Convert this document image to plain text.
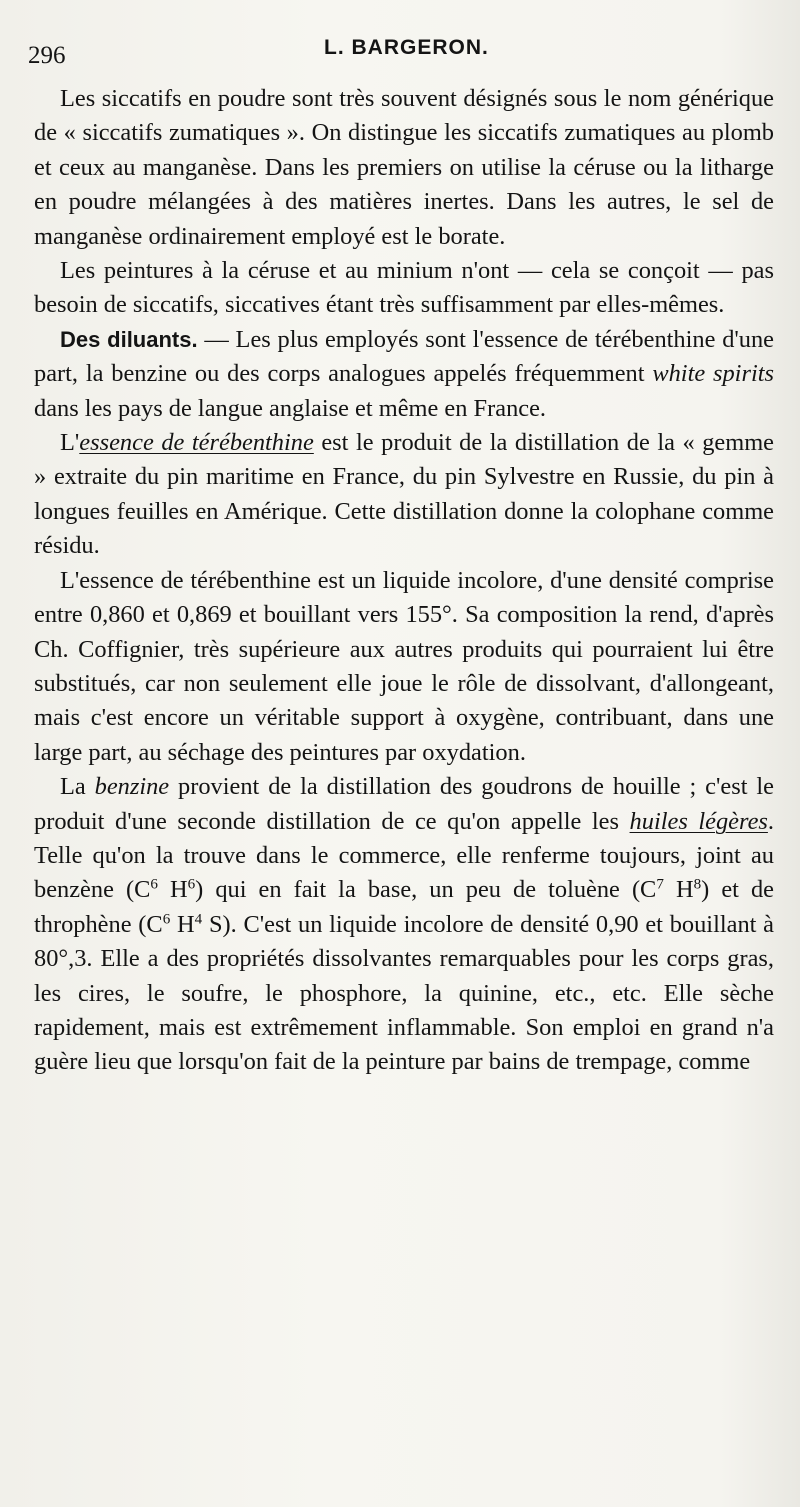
296	L. BARGERON.

Les siccatifs en poudre sont très souvent désignés sous le nom générique de « siccatifs zumatiques ». On distingue les siccatifs zumatiques au plomb et ceux au manganèse. Dans les premiers on utilise la céruse ou la litharge en poudre mélangées à des matières inertes. Dans les autres, le sel de manganèse ordinairement employé est le borate.

Les peintures à la céruse et au minium n'ont — cela se conçoit — pas besoin de siccatifs, siccatives étant très suffisamment par elles-mêmes.

Des diluants. — Les plus employés sont l'essence de térébenthine d'une part, la benzine ou des corps analogues appelés fréquemment white spirits dans les pays de langue anglaise et même en France.

L'essence de térébenthine est le produit de la distillation de la « gemme » extraite du pin maritime en France, du pin Sylvestre en Russie, du pin à longues feuilles en Amérique. Cette distillation donne la colophane comme résidu.

L'essence de térébenthine est un liquide incolore, d'une densité comprise entre 0,860 et 0,869 et bouillant vers 155°. Sa composition la rend, d'après Ch. Coffignier, très supérieure aux autres produits qui pourraient lui être substitués, car non seulement elle joue le rôle de dissolvant, d'allongeant, mais c'est encore un véritable support à oxygène, contribuant, dans une large part, au séchage des peintures par oxydation.

La benzine provient de la distillation des goudrons de houille ; c'est le produit d'une seconde distillation de ce qu'on appelle les huiles légères. Telle qu'on la trouve dans le commerce, elle renferme toujours, joint au benzène ($C^6$ $H^6$) qui en fait la base, un peu de toluène ($C^7$ $H^8$) et de throphène ($C^6$ $H^4$ S). C'est un liquide incolore de densité 0,90 et bouillant à 80°,3. Elle a des propriétés dissolvantes remarquables pour les corps gras, les cires, le soufre, le phosphore, la quinine, etc., etc. Elle sèche rapidement, mais est extrêmement inflammable. Son emploi en grand n'a guère lieu que lorsqu'on fait de la peinture par bains de trempage, comme
